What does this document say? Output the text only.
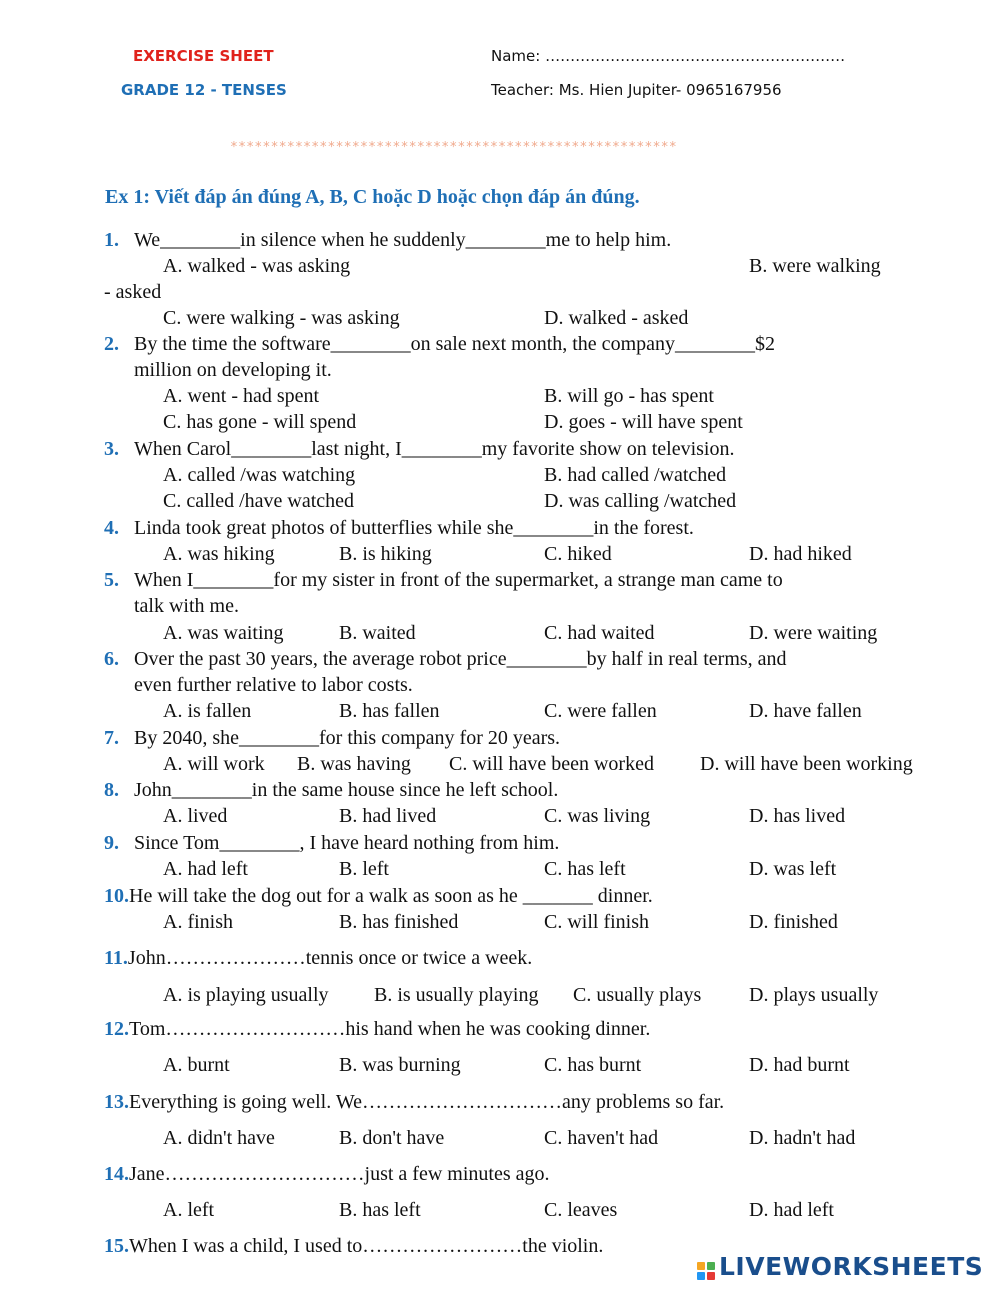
EXERCISE SHEET
GRADE 12 - TENSES
Name: ……………………………………………………
Teacher: Ms. Hien Jupiter- 0965167956
*******************************************************
Ex 1: Viết đáp án đúng A, B, C hoặc D hoặc chọn đáp án đúng.
1. We________in silence when he suddenly________me to help him.
A. walked - was asking	B. were walking
- asked
C. were walking - was asking	D. walked - asked
2. By the time the software________on sale next month, the company________$2
million on developing it.
A. went - had spent	B. will go - has spent
C. has gone - will spend	D. goes - will have spent
3. When Carol________last night, I________my favorite show on television.
A. called /was watching	B. had called /watched
C. called /have watched	D. was calling /watched
4. Linda took great photos of butterflies while she________in the forest.
A. was hiking	B. is hiking	C. hiked	D. had hiked
5. When I________for my sister in front of the supermarket, a strange man came to
talk with me.
A. was waiting	B. waited	C. had waited	D. were waiting
6. Over the past 30 years, the average robot price________by half in real terms, and
even further relative to labor costs.
A. is fallen	B. has fallen	C. were fallen	D. have fallen
7. By 2040, she________for this company for 20 years.
A. will work B. was having C. will have been worked D. will have been working
8. John________in the same house since he left school.
A. lived	B. had lived	C. was living	D. has lived
9. Since Tom________, I have heard nothing from him.
A. had left	B. left	C. has left	D. was left
10.He will take the dog out for a walk as soon as he _______ dinner.
A. finish	B. has finished	C. will finish	D. finished
11.John…………………tennis once or twice a week.
A. is playing usually B. is usually playing C. usually plays D. plays usually
12.Tom………………………his hand when he was cooking dinner.
A. burnt	B. was burning	C. has burnt	D. had burnt
13.Everything is going well. We…………………………any problems so far.
A. didn't have	B. don't have	C. haven't had	D. hadn't had
14.Jane…………………………just a few minutes ago.
A. left	B. has left	C. leaves	D. had left
15.When I was a child, I used to……………………the violin.
LIVEWORKSHEETS
